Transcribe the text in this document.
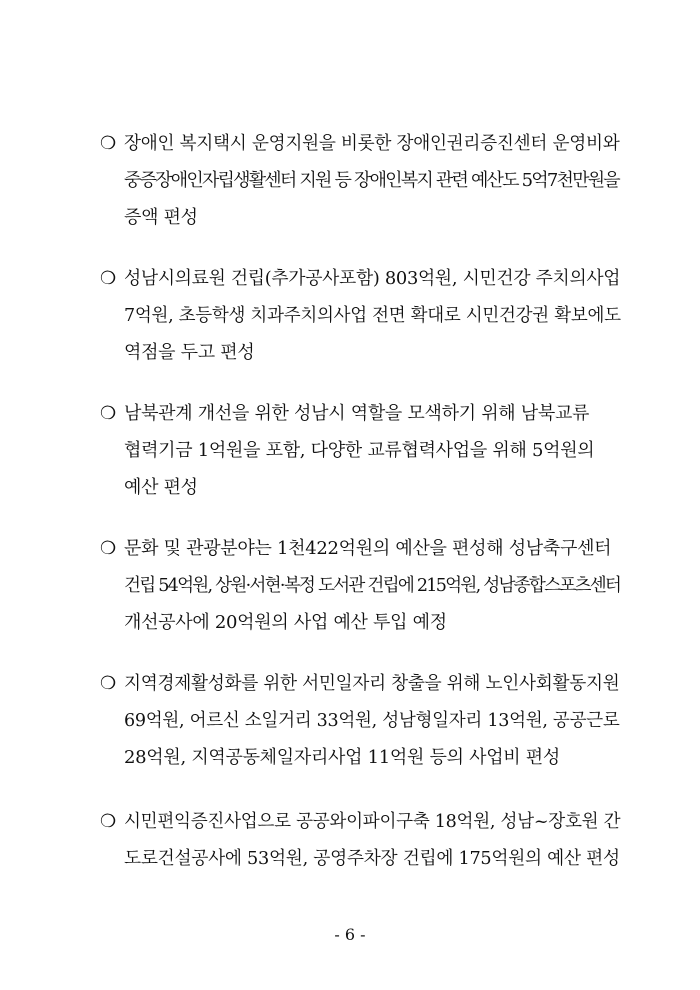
❍ 장애인 복지택시 운영지원을 비롯한 장애인권리증진센터 운영비와
중증장애인자립생활센터 지원 등 장애인복지 관련 예산도 5억7천만원을
증액 편성
❍ 성남시의료원 건립(추가공사포함) 803억원, 시민건강 주치의사업
7억원, 초등학생 치과주치의사업 전면 확대로 시민건강권 확보에도
역점을 두고 편성
❍ 남북관계 개선을 위한 성남시 역할을 모색하기 위해 남북교류
협력기금 1억원을 포함, 다양한 교류협력사업을 위해 5억원의
예산 편성
❍ 문화 및 관광분야는 1천422억원의 예산을 편성해 성남축구센터
건립 54억원, 상원·서현·복정 도서관 건립에 215억원, 성남종합스포츠센터
개선공사에 20억원의 사업 예산 투입 예정
❍ 지역경제활성화를 위한 서민일자리 창출을 위해 노인사회활동지원
69억원, 어르신 소일거리 33억원, 성남형일자리 13억원, 공공근로
28억원, 지역공동체일자리사업 11억원 등의 사업비 편성
❍ 시민편익증진사업으로 공공와이파이구축 18억원, 성남~장호원 간
도로건설공사에 53억원, 공영주차장 건립에 175억원의 예산 편성
- 6 -
